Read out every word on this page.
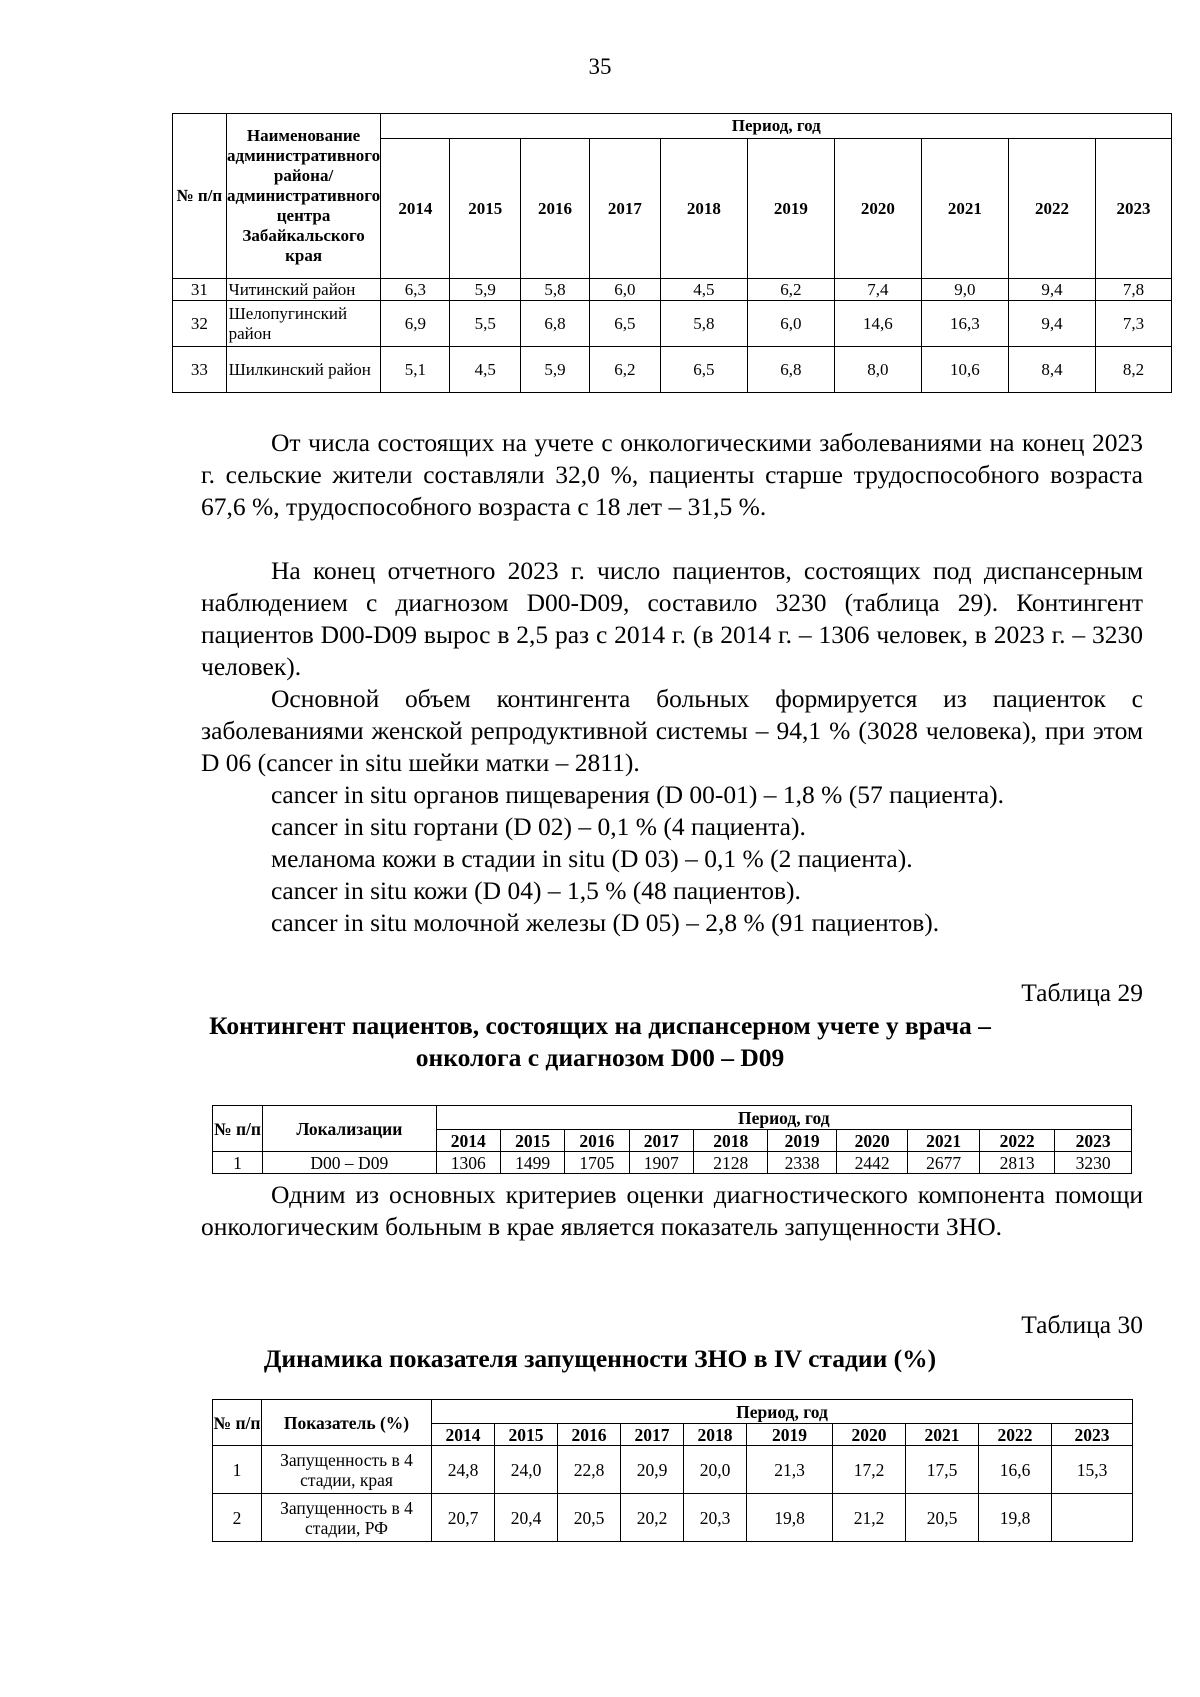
35
№ п/п	Наименование административного района/ административного центра Забайкальского края	Период, год									
		2014	2015	2016	2017	2018	2019	2020	2021	2022	2023
31	Читинский район	6,3	5,9	5,8	6,0	4,5	6,2	7,4	9,0	9,4	7,8
32	Шелопугинский район	6,9	5,5	6,8	6,5	5,8	6,0	14,6	16,3	9,4	7,3
33	Шилкинский район	5,1	4,5	5,9	6,2	6,5	6,8	8,0	10,6	8,4	8,2

От числа состоящих на учете с онкологическими заболеваниями на конец 2023 г. сельские жители составляли 32,0 %, пациенты старше трудоспособного возраста 67,6 %, трудоспособного возраста с 18 лет – 31,5 %.

На конец отчетного 2023 г. число пациентов, состоящих под диспансерным наблюдением с диагнозом D00-D09, составило 3230 (таблица 29). Контингент пациентов D00-D09 вырос в 2,5 раз с 2014 г. (в 2014 г. – 1306 человек, в 2023 г. – 3230 человек).

Основной объем контингента больных формируется из пациенток с заболеваниями женской репродуктивной системы – 94,1 % (3028 человека), при этом D 06 (cancer in situ шейки матки – 2811).

cancer in situ органов пищеварения (D 00-01) – 1,8 % (57 пациента).
cancer in situ гортани (D 02) – 0,1 % (4 пациента).
меланома кожи в стадии in situ (D 03) – 0,1 % (2 пациента).
cancer in situ кожи (D 04) – 1,5 % (48 пациентов).
cancer in situ молочной железы (D 05) – 2,8 % (91 пациентов).
Таблица 29
Контингент пациентов, состоящих на диспансерном учете у врача –
онколога с диагнозом D00 – D09
№ п/п	Локализации	Период, год									
		2014	2015	2016	2017	2018	2019	2020	2021	2022	2023
1	D00 – D09	1306	1499	1705	1907	2128	2338	2442	2677	2813	3230

Одним из основных критериев оценки диагностического компонента помощи онкологическим больным в крае является показатель запущенности ЗНО.

Таблица 30
Динамика показателя запущенности ЗНО в IV стадии (%)
№ п/п	Показатель (%)	Период, год									
		2014	2015	2016	2017	2018	2019	2020	2021	2022	2023
1	Запущенность в 4 стадии, края	24,8	24,0	22,8	20,9	20,0	21,3	17,2	17,5	16,6	15,3
2	Запущенность в 4 стадии, РФ	20,7	20,4	20,5	20,2	20,3	19,8	21,2	20,5	19,8	
